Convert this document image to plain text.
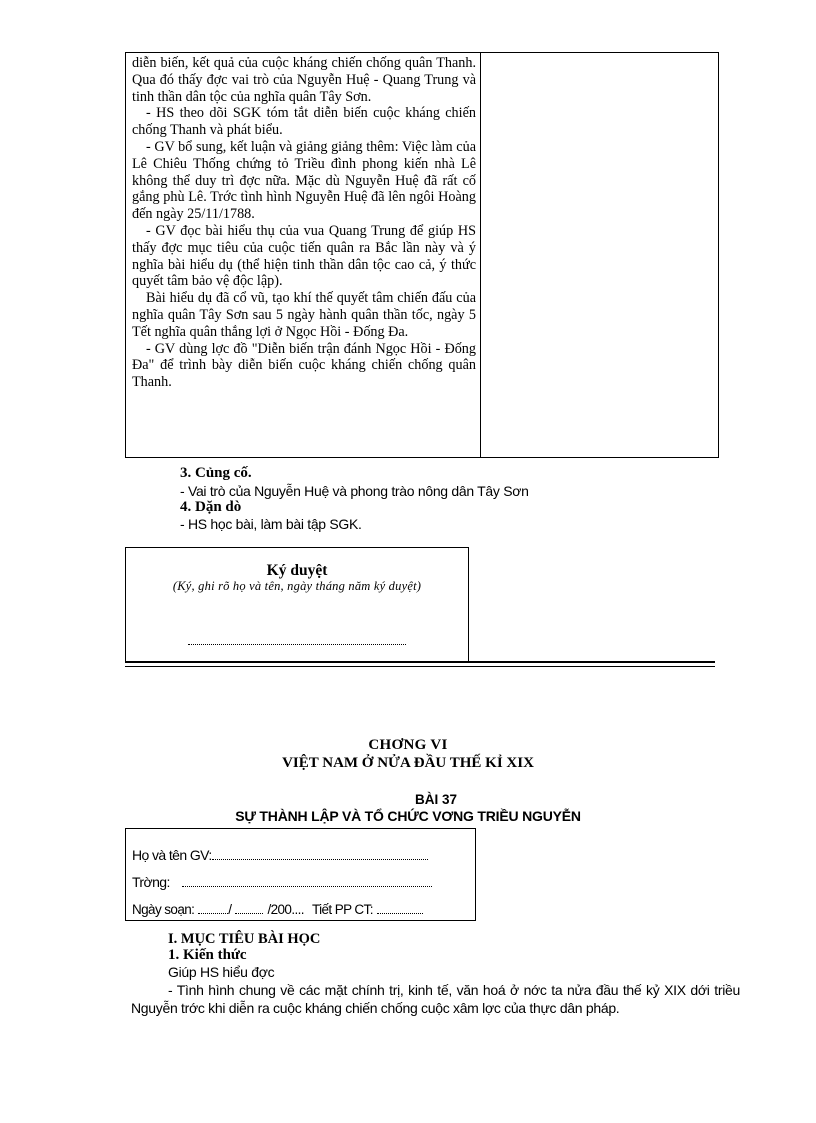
diễn biến, kết quả của cuộc kháng chiến chống quân Thanh. Qua đó thấy đợc vai trò của Nguyễn Huệ - Quang Trung và tinh thần dân tộc của nghĩa quân Tây Sơn.

- HS theo dõi SGK tóm tắt diễn biến cuộc kháng chiến chống Thanh và phát biểu.

- GV bổ sung, kết luận và giảng giảng thêm: Việc làm của Lê Chiêu Thống chứng tỏ Triều đình phong kiến nhà Lê không thể duy trì đợc nữa. Mặc dù Nguyễn Huệ đã rất cố gắng phù Lê. Trớc tình hình Nguyễn Huệ đã lên ngôi Hoàng đến ngày 25/11/1788.

- GV đọc bài hiểu thụ của vua Quang Trung để giúp HS thấy đợc mục tiêu của cuộc tiến quân ra Bắc lần này và ý nghĩa bài hiểu dụ (thể hiện tinh thần dân tộc cao cả, ý thức quyết tâm bảo vệ độc lập).

Bài hiểu dụ đã cổ vũ, tạo khí thế quyết tâm chiến đấu của nghĩa quân Tây Sơn sau 5 ngày hành quân thần tốc, ngày 5 Tết nghĩa quân thắng lợi ở Ngọc Hồi - Đống Đa.

- GV dùng lợc đồ "Diễn biến trận đánh Ngọc Hồi - Đống Đa" để trình bày diễn biến cuộc kháng chiến chống quân Thanh.

3. Củng cố.
- Vai trò của Nguyễn Huệ và phong trào nông dân Tây Sơn
4. Dặn dò
- HS học bài, làm bài tập SGK.
Ký duyệt
(Ký, ghi rõ họ và tên, ngày tháng năm ký duyệt)
CHƠNG VI
VIỆT NAM Ở NỬA ĐẦU THẾ KỈ XIX
BÀI 37
SỰ THÀNH LẬP VÀ TỔ CHỨC VƠNG TRIỀU NGUYỄN
Họ và tên GV:
Trờng:
Ngày soạn:	/	/200.... Tiết PP CT:
I. MỤC TIÊU BÀI HỌC
1. Kiến thức
Giúp HS hiểu đợc
- Tình hình chung về các mặt chính trị, kinh tế, văn hoá ở nớc ta nửa đầu thế kỷ XIX dới triều Nguyễn trớc khi diễn ra cuộc kháng chiến chống cuộc xâm lợc của thực dân pháp.
